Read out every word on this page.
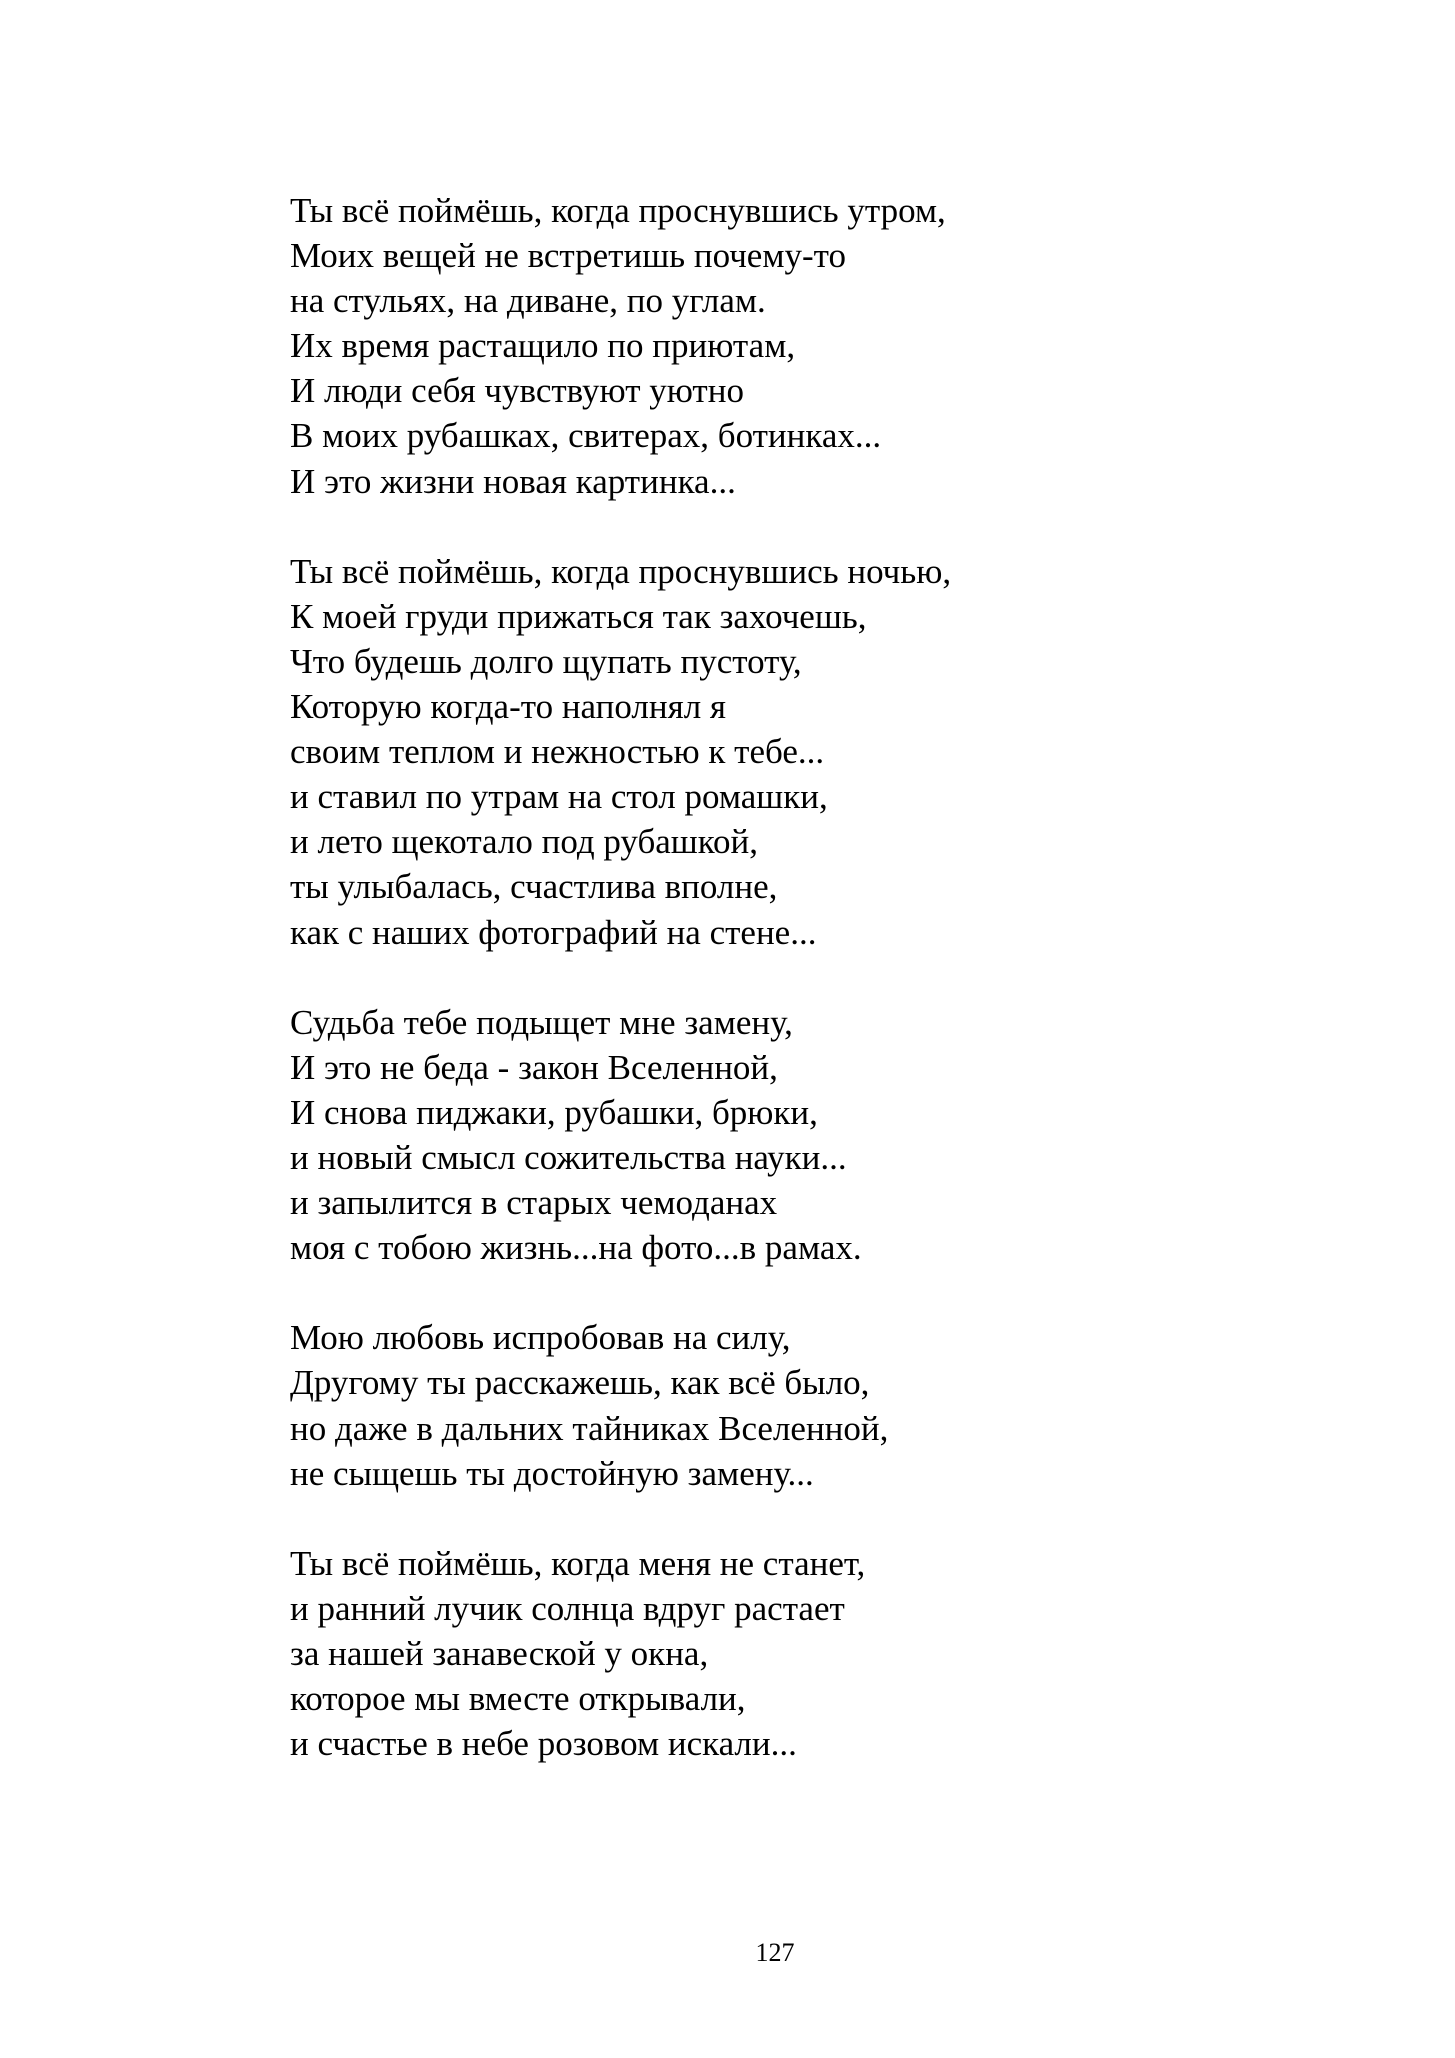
Ты всё поймёшь, когда проснувшись утром,
Моих вещей не встретишь почему-то
на стульях, на диване, по углам.
Их время растащило по приютам,
И люди себя чувствуют уютно
В моих рубашках, свитерах, ботинках...
И это жизни новая картинка...
Ты всё поймёшь, когда проснувшись ночью,
К моей груди прижаться так захочешь,
Что будешь долго щупать пустоту,
Которую когда-то наполнял я
своим теплом и нежностью к тебе...
и ставил по утрам на стол ромашки,
и лето щекотало под рубашкой,
ты улыбалась, счастлива вполне,
как с наших фотографий на стене...
Судьба тебе подыщет мне замену,
И это не беда - закон Вселенной,
И снова пиджаки, рубашки, брюки,
и новый смысл сожительства науки...
и запылится в старых чемоданах
моя с тобою жизнь...на фото...в рамах.
Мою любовь испробовав на силу,
Другому ты расскажешь, как всё было,
но даже в дальних тайниках Вселенной,
не сыщешь ты достойную замену...
Ты всё поймёшь, когда меня не станет,
и ранний лучик солнца вдруг растает
за нашей занавеской у окна,
которое мы вместе открывали,
и счастье в небе розовом искали...
127
